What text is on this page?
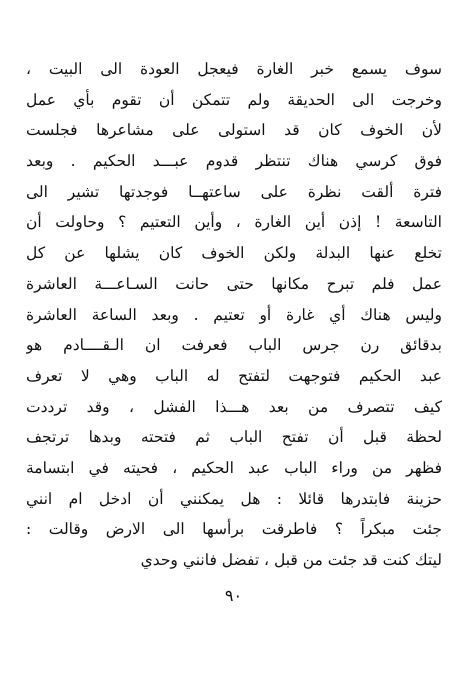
سوف يسمع خبر الغارة فيعجل العودة الى البيت ،
وخرجت الى الحديقة ولم تتمكن أن تقوم بأي عمل
لأن الخوف كان قد استولى على مشاعرها فجلست
فوق كرسي هناك تنتظر قدوم عبـــد الحكيم . وبعد
فترة ألقت نظرة على ساعتهــا فوجدتها تشير الى
التاسعة ! إذن أين الغارة ، وأين التعتيم ؟ وحاولت أن
تخلع عنها البدلة ولكن الخوف كان يشلها عن كل
عمل فلم تبرح مكانها حتى حانت السـاعـــة العاشرة
وليس هناك أي غارة أو تعتيم . وبعد الساعة العاشرة
بدقائق رن جرس الباب فعرفت ان الـقــــادم هو
عبد الحكيم فتوجهت لتفتح له الباب وهي لا تعرف
كيف تتصرف من بعد هـــذا الفشل ، وقد ترددت
لحظة قبل أن تفتح الباب ثم فتحته وبدها ترتجف
فظهر من وراء الباب عبد الحكيم ، فحيته في ابتسامة
حزينة فابتدرها قائلا : هل يمكنني أن ادخل ام انني
جئت مبكراً ؟ فاطرقت برأسها الى الارض وقالت :
ليتك كنت قد جئت من قبل ، تفضل فانني وحدي
٩٠
